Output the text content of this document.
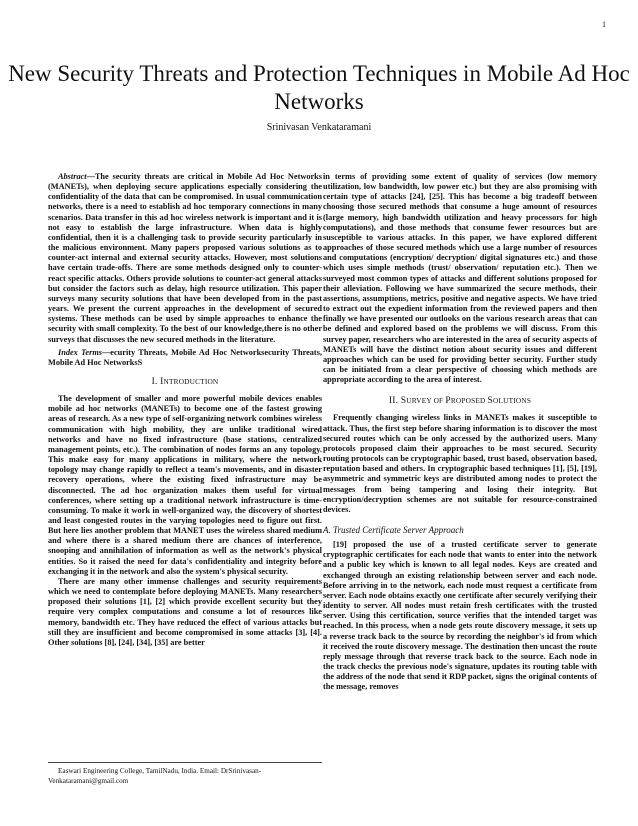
1
New Security Threats and Protection Techniques in Mobile Ad Hoc Networks
Srinivasan Venkataramani

Abstract—The security threats are critical in Mobile Ad Hoc Networks (MANETs), when deploying secure applications especially considering the confidentiality of the data that can be compromised. In usual communication networks, there is a need to establish ad hoc temporary connections in many scenarios. Data transfer in this ad hoc wireless network is important and it is not easy to establish the large infrastructure. When data is highly confidential, then it is a challenging task to provide security particularly in the malicious environment. Many papers proposed various solutions as to counter-act internal and external security attacks. However, most solutions have certain trade-offs. There are some methods designed only to counter-react specific attacks. Others provide solutions to counter-act general attacks but consider the factors such as delay, high resource utilization. This paper surveys many security solutions that have been developed from in the past years. We present the current approaches in the development of secured systems. These methods can be used by simple approaches to enhance the security with small complexity. To the best of our knowledge,there is no other surveys that discusses the new secured methods in the literature.

Index Terms—ecurity Threats, Mobile Ad Hoc Networksecurity Threats, Mobile Ad Hoc NetworksS

I. INTRODUCTION

The development of smaller and more powerful mobile devices enables mobile ad hoc networks (MANETs) to become one of the fastest growing areas of research. As a new type of self-organizing network combines wireless communication with high mobility, they are unlike traditional wired networks and have no fixed infrastructure (base stations, centralized management points, etc.). The combination of nodes forms an any topology. This make easy for many applications in military, where the network topology may change rapidly to reflect a team's movements, and in disaster recovery operations, where the existing fixed infrastructure may be disconnected. The ad hoc organization makes them useful for virtual conferences, where setting up a traditional network infrastructure is time-consuming. To make it work in well-organized way, the discovery of shortest and least congested routes in the varying topologies need to figure out first. But here lies another problem that MANET uses the wireless shared medium and where there is a shared medium there are chances of interference, snooping and annihilation of information as well as the network's physical entities. So it raised the need for data's confidentiality and integrity before exchanging it in the network and also the system's physical security.

There are many other immense challenges and security requirements which we need to contemplate before deploying MANETs. Many researchers proposed their solutions [1], [2] which provide excellent security but they require very complex computations and consume a lot of resources like memory, bandwidth etc. They have reduced the effect of various attacks but still they are insufficient and become compromised in some attacks [3], [4]. Other solutions [8], [24], [34], [35] are better

Easwari Engineering College, TamilNadu, India. Email: DrSrinivasan-Venkataramani@gmail.com

in terms of providing some extent of quality of services (low memory utilization, low bandwidth, low power etc.) but they are also promising with certain type of attacks [24], [25]. This has become a big tradeoff between choosing those secured methods that consume a huge amount of resources (large memory, high bandwidth utilization and heavy processors for high computations), and those methods that consume fewer resources but are susceptible to various attacks. In this paper, we have explored different approaches of those secured methods which use a large number of resources and computations (encryption/ decryption/ digital signatures etc.) and those which uses simple methods (trust/ observation/ reputation etc.). Then we surveyed most common types of attacks and different solutions proposed for their alleviation. Following we have summarized the secure methods, their assertions, assumptions, metrics, positive and negative aspects. We have tried to extract out the expedient information from the reviewed papers and then finally we have presented our outlooks on the various research areas that can be defined and explored based on the problems we will discuss. From this survey paper, researchers who are interested in the area of security aspects of MANETs will have the distinct notion about security issues and different approaches which can be used for providing better security. Further study can be initiated from a clear perspective of choosing which methods are appropriate according to the area of interest.

II. SURVEY OF PROPOSED SOLUTIONS

Frequently changing wireless links in MANETs makes it susceptible to attack. Thus, the first step before sharing information is to discover the most secured routes which can be only accessed by the authorized users. Many protocols proposed claim their approaches to be most secured. Security routing protocols can be cryptographic based, trust based, observation based, reputation based and others. In cryptographic based techniques [1], [5], [19], asymmetric and symmetric keys are distributed among nodes to protect the messages from being tampering and losing their integrity. But encryption/decryption schemes are not suitable for resource-constrained devices.

A. Trusted Certificate Server Approach

[19] proposed the use of a trusted certificate server to generate cryptographic certificates for each node that wants to enter into the network and a public key which is known to all legal nodes. Keys are created and exchanged through an existing relationship between server and each node. Before arriving in to the network, each node must request a certificate from server. Each node obtains exactly one certificate after securely verifying their identity to server. All nodes must retain fresh certificates with the trusted server. Using this certification, source verifies that the intended target was reached. In this process, when a node gets route discovery message, it sets up a reverse track back to the source by recording the neighbor's id from which it received the route discovery message. The destination then uncast the route reply message through that reverse track back to the source. Each node in the track checks the previous node's signature, updates its routing table with the address of the node that send it RDP packet, signs the original contents of the message, removes
